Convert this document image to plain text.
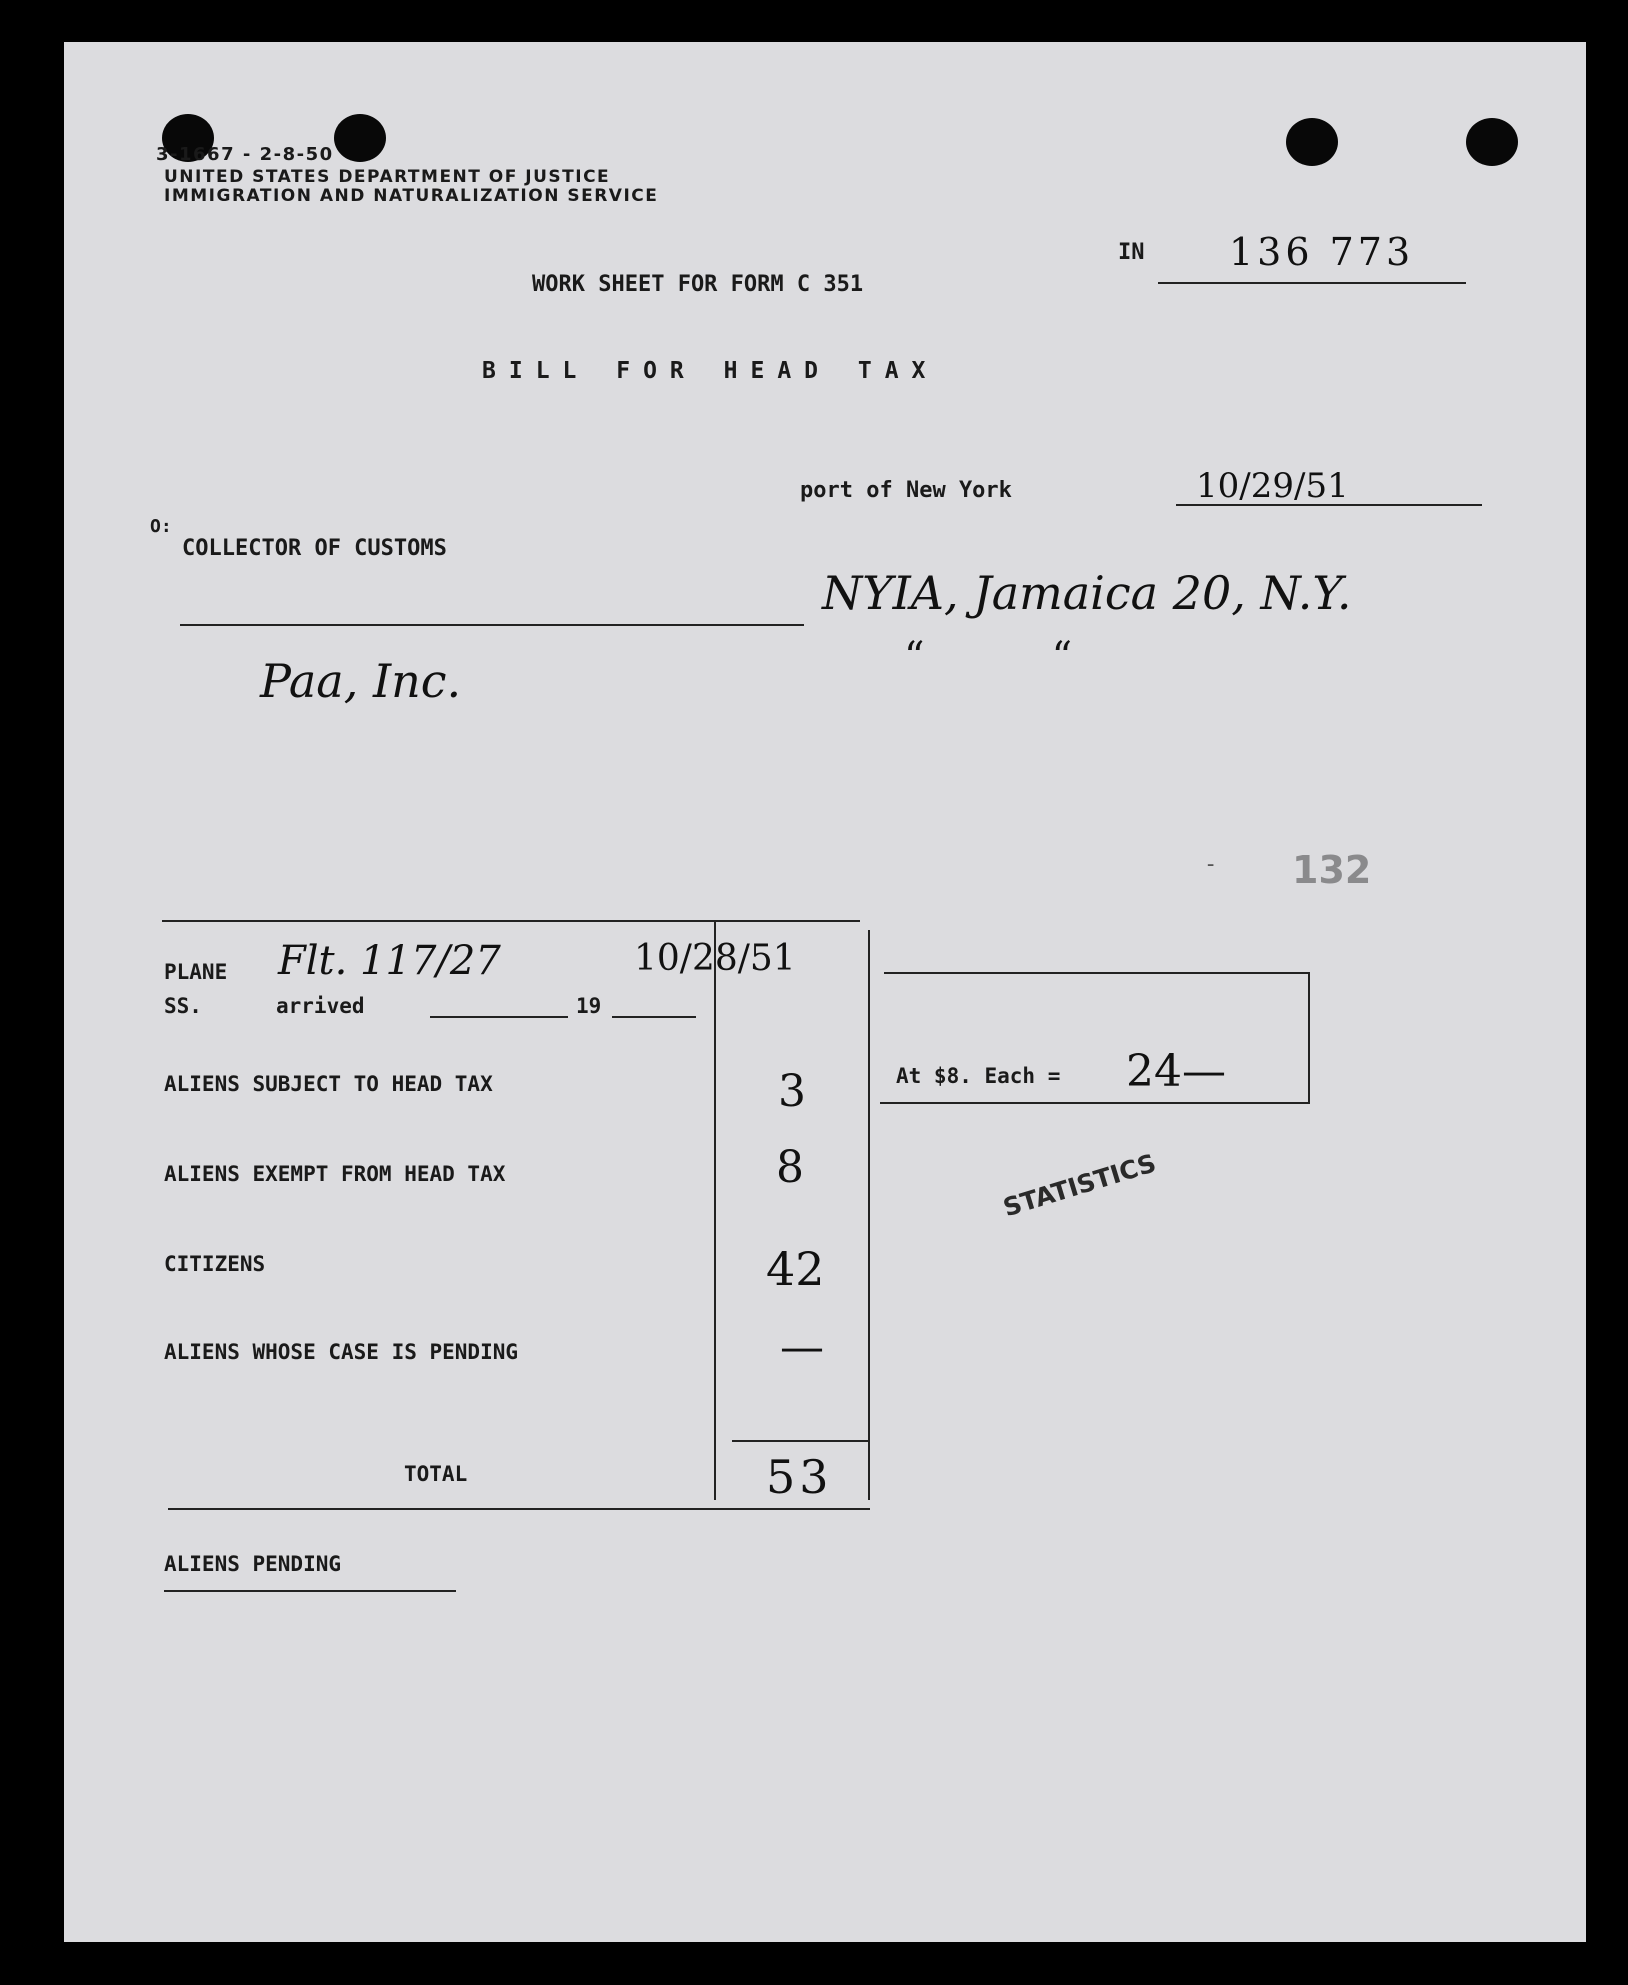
3-1667 - 2-8-50
UNITED STATES DEPARTMENT OF JUSTICE
IMMIGRATION AND NATURALIZATION SERVICE
IN 136 773
WORK SHEET FOR FORM C 351
BILL FOR HEAD TAX
port of New York	10/29/51
O:
COLLECTOR OF CUSTOMS
NYIA, Jamaica 20, N.Y.
“          “
Paa, Inc.
- 132
PLANE Flt. 117/27	10/28/51
SS.	arrived	19
ALIENS SUBJECT TO HEAD TAX	3
ALIENS EXEMPT FROM HEAD TAX	8
CITIZENS	42
ALIENS WHOSE CASE IS PENDING	—
TOTAL	53
At $8. Each = 24—
STATISTICS
ALIENS PENDING
